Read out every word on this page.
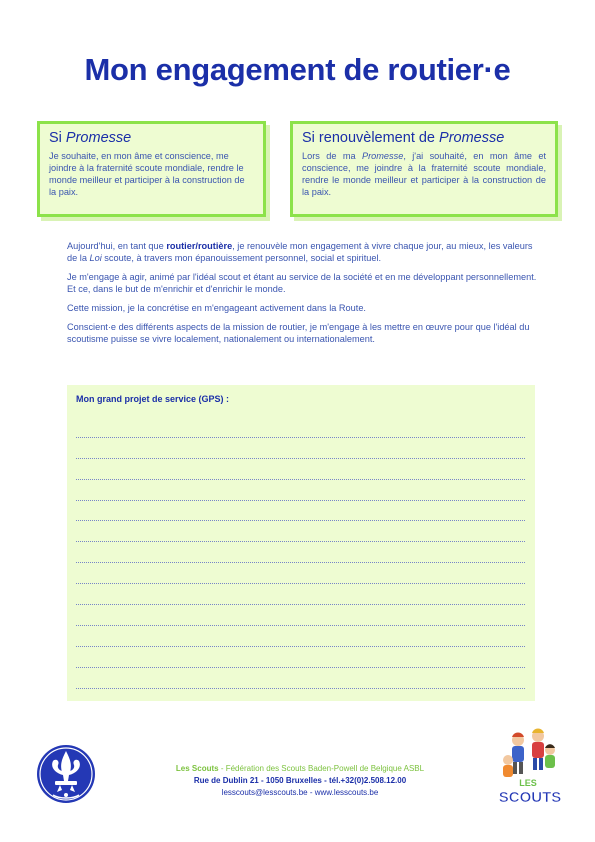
Mon engagement de routier·e
Si Promesse
Je souhaite, en mon âme et conscience, me joindre à la fraternité scoute mondiale, rendre le monde meilleur et participer à la construction de la paix.
Si renouvèlement de Promesse
Lors de ma Promesse, j'ai souhaité, en mon âme et conscience, me joindre à la fraternité scoute mondiale, rendre le monde meilleur et participer à la construction de la paix.

Aujourd'hui, en tant que routier/routière, je renouvèle mon engagement à vivre chaque jour, au mieux, les valeurs de la Loi scoute, à travers mon épanouissement personnel, social et spirituel.

Je m'engage à agir, animé par l'idéal scout et étant au service de la société et en me développant personnellement. Et ce, dans le but de m'enrichir et d'enrichir le monde.

Cette mission, je la concrétise en m'engageant activement dans la Route.

Conscient·e des différents aspects de la mission de routier, je m'engage à les mettre en œuvre pour que l'idéal du scoutisme puisse se vivre localement, nationalement ou internationalement.

Mon grand projet de service (GPS) :
Les Scouts - Fédération des Scouts Baden-Powell de Belgique ASBL
Rue de Dublin 21 - 1050 Bruxelles - tél.+32(0)2.508.12.00
lesscouts@lesscouts.be - www.lesscouts.be
LES
SCOUTS
